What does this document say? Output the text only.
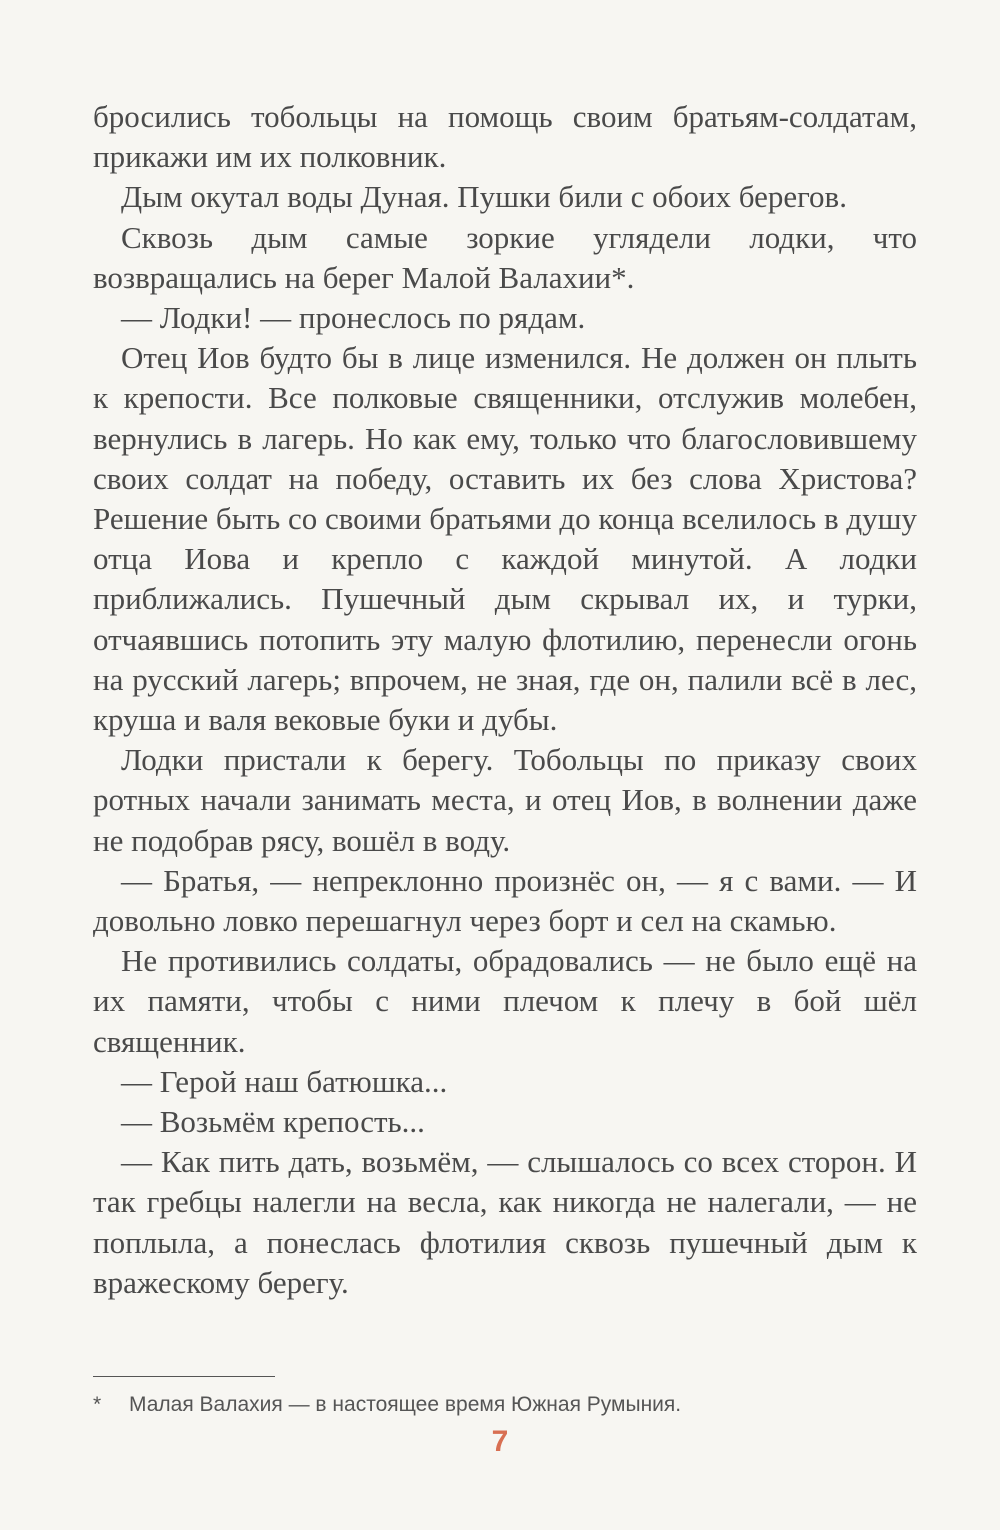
бросились тобольцы на помощь своим братьям-солдатам, прикажи им их полковник.

Дым окутал воды Дуная. Пушки били с обоих берегов.

Сквозь дым самые зоркие углядели лодки, что возвращались на берег Малой Валахии*.

— Лодки! — пронеслось по рядам.

Отец Иов будто бы в лице изменился. Не должен он плыть к крепости. Все полковые священники, отслужив молебен, вернулись в лагерь. Но как ему, только что благословившему своих солдат на победу, оставить их без слова Христова? Решение быть со своими братьями до конца вселилось в душу отца Иова и крепло с каждой минутой. А лодки приближались. Пушечный дым скрывал их, и турки, отчаявшись потопить эту малую флотилию, перенесли огонь на русский лагерь; впрочем, не зная, где он, палили всё в лес, круша и валя вековые буки и дубы.

Лодки пристали к берегу. Тобольцы по приказу своих ротных начали занимать места, и отец Иов, в волнении даже не подобрав рясу, вошёл в воду.

— Братья, — непреклонно произнёс он, — я с вами. — И довольно ловко перешагнул через борт и сел на скамью.

Не противились солдаты, обрадовались — не было ещё на их памяти, чтобы с ними плечом к плечу в бой шёл священник.

— Герой наш батюшка...

— Возьмём крепость...

— Как пить дать, возьмём, — слышалось со всех сторон. И так гребцы налегли на весла, как никогда не налегали, — не поплыла, а понеслась флотилия сквозь пушечный дым к вражескому берегу.

* Малая Валахия — в настоящее время Южная Румыния.
7
